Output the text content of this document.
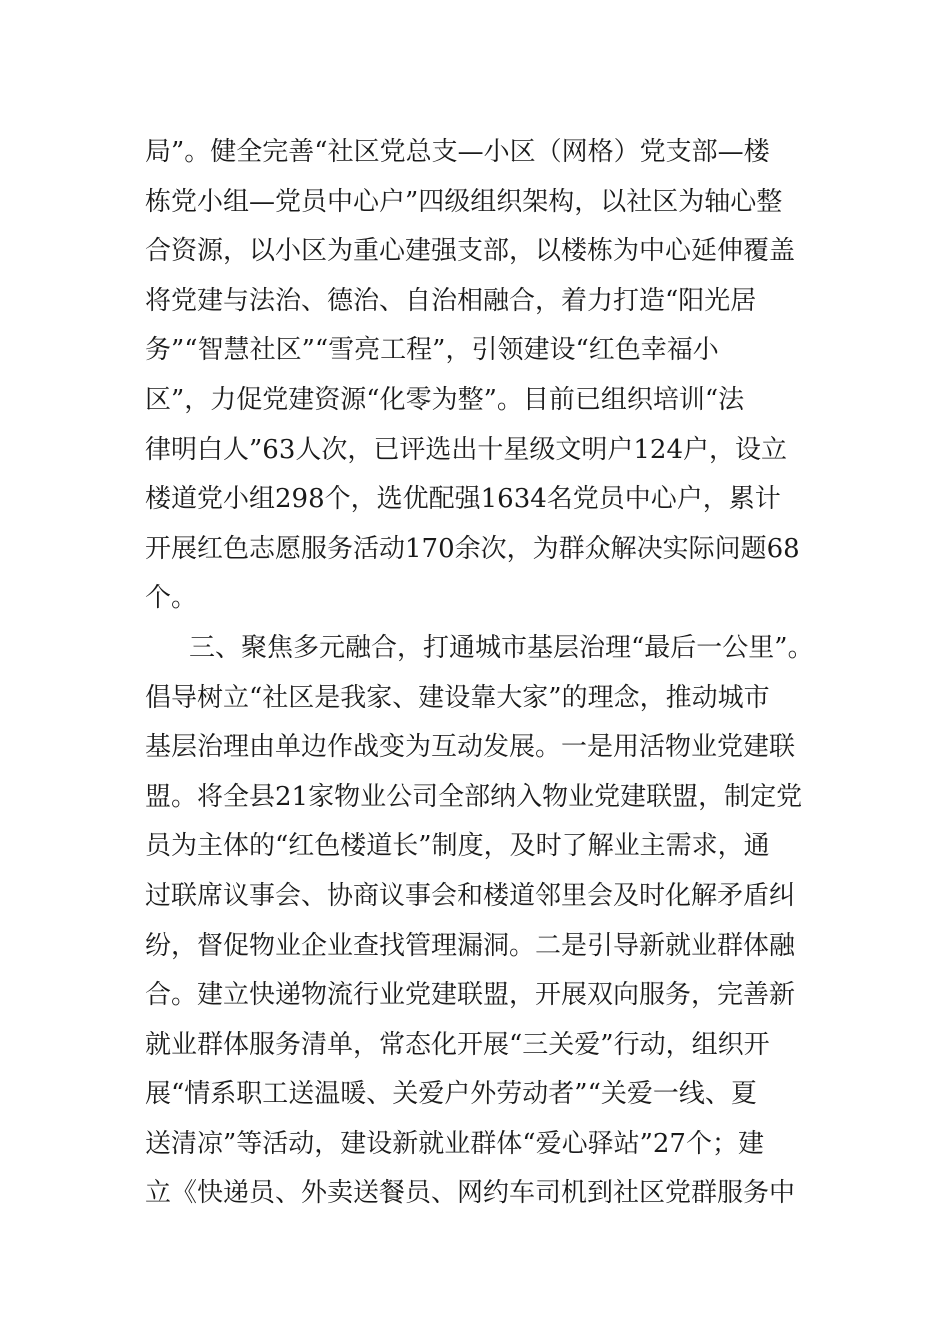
局”。健全完善“社区党总支—小区（网格）党支部—楼
栋党小组—党员中心户”四级组织架构，以社区为轴心整
合资源，以小区为重心建强支部，以楼栋为中心延伸覆盖
将党建与法治、德治、自治相融合，着力打造“阳光居
务”“智慧社区”“雪亮工程”，引领建设“红色幸福小
区”，力促党建资源“化零为整”。目前已组织培训“法
律明白人”63人次，已评选出十星级文明户124户，设立
楼道党小组298个，选优配强1634名党员中心户，累计
开展红色志愿服务活动170余次，为群众解决实际问题68
个。
三、聚焦多元融合，打通城市基层治理“最后一公里”。
倡导树立“社区是我家、建设靠大家”的理念，推动城市
基层治理由单边作战变为互动发展。一是用活物业党建联
盟。将全县21家物业公司全部纳入物业党建联盟，制定党
员为主体的“红色楼道长”制度，及时了解业主需求，通
过联席议事会、协商议事会和楼道邻里会及时化解矛盾纠
纷，督促物业企业查找管理漏洞。二是引导新就业群体融
合。建立快递物流行业党建联盟，开展双向服务，完善新
就业群体服务清单，常态化开展“三关爱”行动，组织开
展“情系职工送温暖、关爱户外劳动者”“关爱一线、夏
送清凉”等活动，建设新就业群体“爱心驿站”27个；建
立《快递员、外卖送餐员、网约车司机到社区党群服务中
